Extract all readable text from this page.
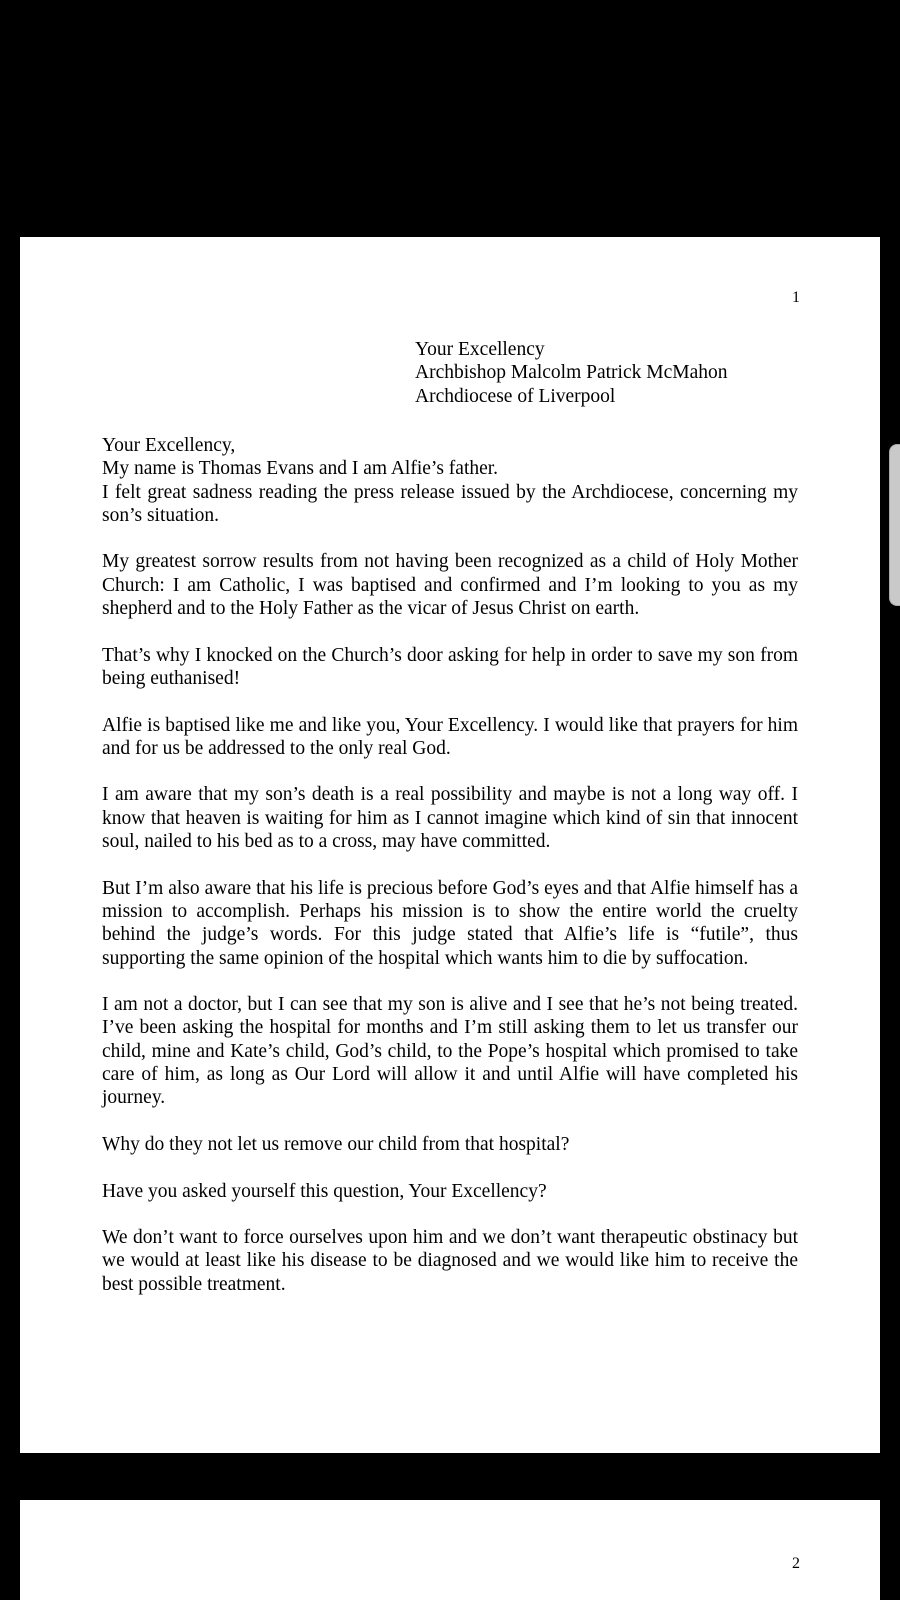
1
Your Excellency
Archbishop Malcolm Patrick McMahon
Archdiocese of Liverpool

Your Excellency,

My name is Thomas Evans and I am Alfie’s father.

I felt great sadness reading the press release issued by the Archdiocese, concerning my son’s situation.

My greatest sorrow results from not having been recognized as a child of Holy Mother Church: I am Catholic, I was baptised and confirmed and I’m looking to you as my shepherd and to the Holy Father as the vicar of Jesus Christ on earth.

That’s why I knocked on the Church’s door asking for help in order to save my son from being euthanised!

Alfie is baptised like me and like you, Your Excellency. I would like that prayers for him and for us be addressed to the only real God.

I am aware that my son’s death is a real possibility and maybe is not a long way off. I know that heaven is waiting for him as I cannot imagine which kind of sin that innocent soul, nailed to his bed as to a cross, may have committed.

But I’m also aware that his life is precious before God’s eyes and that Alfie himself has a mission to accomplish. Perhaps his mission is to show the entire world the cruelty behind the judge’s words. For this judge stated that Alfie’s life is “futile”, thus supporting the same opinion of the hospital which wants him to die by suffocation.

I am not a doctor, but I can see that my son is alive and I see that he’s not being treated. I’ve been asking the hospital for months and I’m still asking them to let us transfer our child, mine and Kate’s child, God’s child, to the Pope’s hospital which promised to take care of him, as long as Our Lord will allow it and until Alfie will have completed his journey.

Why do they not let us remove our child from that hospital?

Have you asked yourself this question, Your Excellency?

We don’t want to force ourselves upon him and we don’t want therapeutic obstinacy but we would at least like his disease to be diagnosed and we would like him to receive the best possible treatment.

2
